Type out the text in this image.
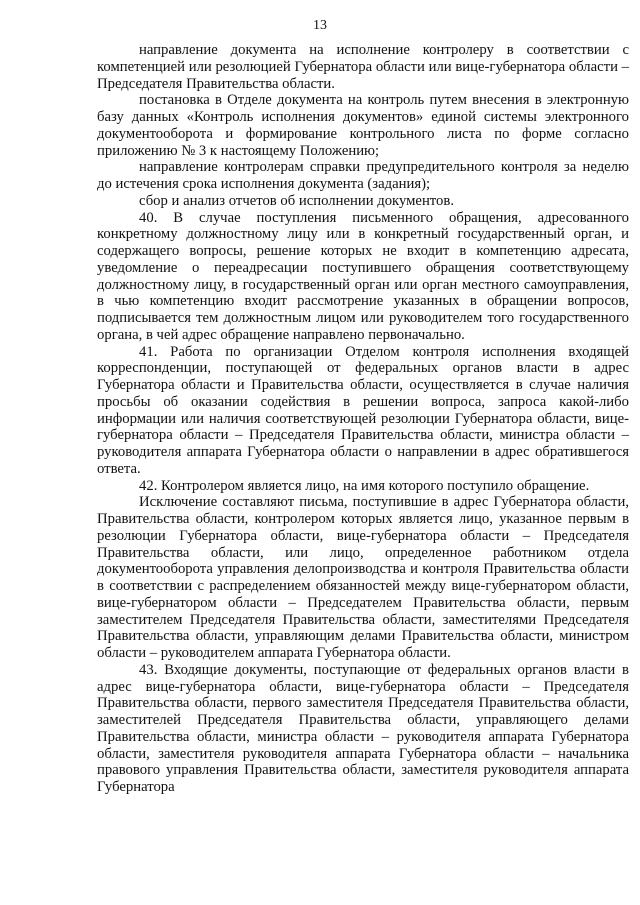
13

направление документа на исполнение контролеру в соответствии с компетенцией или резолюцией Губернатора области или вице-губернатора области – Председателя Правительства области.

постановка в Отделе документа на контроль путем внесения в электронную базу данных «Контроль исполнения документов» единой системы электронного документооборота и формирование контрольного листа по форме согласно приложению № 3 к настоящему Положению;

направление контролерам справки предупредительного контроля за неделю до истечения срока исполнения документа (задания);

сбор и анализ отчетов об исполнении документов.

40. В случае поступления письменного обращения, адресованного конкретному должностному лицу или в конкретный государственный орган, и содержащего вопросы, решение которых не входит в компетенцию адресата, уведомление о переадресации поступившего обращения соответствующему должностному лицу, в государственный орган или орган местного самоуправления, в чью компетенцию входит рассмотрение указанных в обращении вопросов, подписывается тем должностным лицом или руководителем того государственного органа, в чей адрес обращение направлено первоначально.

41. Работа по организации Отделом контроля исполнения входящей корреспонденции, поступающей от федеральных органов власти в адрес Губернатора области и Правительства области, осуществляется в случае наличия просьбы об оказании содействия в решении вопроса, запроса какой-либо информации или наличия соответствующей резолюции Губернатора области, вице-губернатора области – Председателя Правительства области, министра области – руководителя аппарата Губернатора области о направлении в адрес обратившегося ответа.

42. Контролером является лицо, на имя которого поступило обращение.

Исключение составляют письма, поступившие в адрес Губернатора области, Правительства области, контролером которых является лицо, указанное первым в резолюции Губернатора области, вице-губернатора области – Председателя Правительства области, или лицо, определенное работником отдела документооборота управления делопроизводства и контроля Правительства области в соответствии с распределением обязанностей между вице-губернатором области, вице-губернатором области – Председателем Правительства области, первым заместителем Председателя Правительства области, заместителями Председателя Правительства области, управляющим делами Правительства области, министром области – руководителем аппарата Губернатора области.

43. Входящие документы, поступающие от федеральных органов власти в адрес вице-губернатора области, вице-губернатора области – Председателя Правительства области, первого заместителя Председателя Правительства области, заместителей Председателя Правительства области, управляющего делами Правительства области, министра области – руководителя аппарата Губернатора области, заместителя руководителя аппарата Губернатора области – начальника правового управления Правительства области, заместителя руководителя аппарата Губернатора
